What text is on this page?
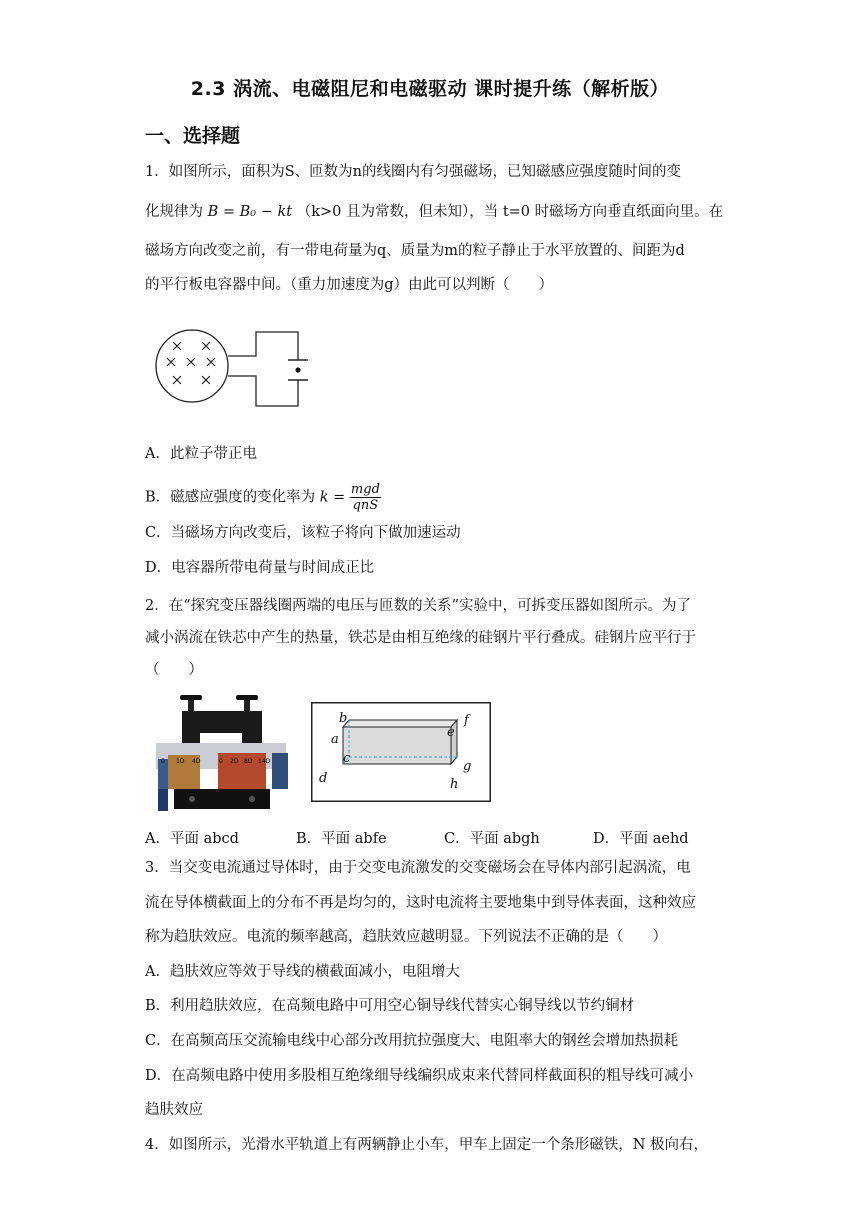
2.3 涡流、电磁阻尼和电磁驱动 课时提升练（解析版）
一、选择题
1．如图所示，面积为S、匝数为n的线圈内有匀强磁场，已知磁感应强度随时间的变
化规律为 B = B₀ − kt （k>0 且为常数，但未知），当 t=0 时磁场方向垂直纸面向里。在
磁场方向改变之前，有一带电荷量为q、质量为m的粒子静止于水平放置的、间距为d
的平行板电容器中间。（重力加速度为g）由此可以判断（　　）
A．此粒子带正电
B．磁感应强度的变化率为 $k = \frac{\text{mgd}}{\text{qnS}}$
C．当磁场方向改变后，该粒子将向下做加速运动
D．电容器所带电荷量与时间成正比
2．在“探究变压器线圈两端的电压与匝数的关系”实验中，可拆变压器如图所示。为了
减小涡流在铁芯中产生的热量，铁芯是由相互绝缘的硅钢片平行叠成。硅钢片应平行于
（　　）
0 1D 4D	0 2D 8D 14D
a
b
c
d
e
f
g
h
A．平面 abcd	B．平面 abfe	C．平面 abgh	D．平面 aehd
3．当交变电流通过导体时，由于交变电流激发的交变磁场会在导体内部引起涡流，电
流在导体横截面上的分布不再是均匀的，这时电流将主要地集中到导体表面，这种效应
称为趋肤效应。电流的频率越高，趋肤效应越明显。下列说法不正确的是（　　）
A．趋肤效应等效于导线的横截面减小，电阻增大
B．利用趋肤效应，在高频电路中可用空心铜导线代替实心铜导线以节约铜材
C．在高频高压交流输电线中心部分改用抗拉强度大、电阻率大的钢丝会增加热损耗
D．在高频电路中使用多股相互绝缘细导线编织成束来代替同样截面积的粗导线可减小
趋肤效应
4．如图所示，光滑水平轨道上有两辆静止小车，甲车上固定一个条形磁铁，N 极向右，
